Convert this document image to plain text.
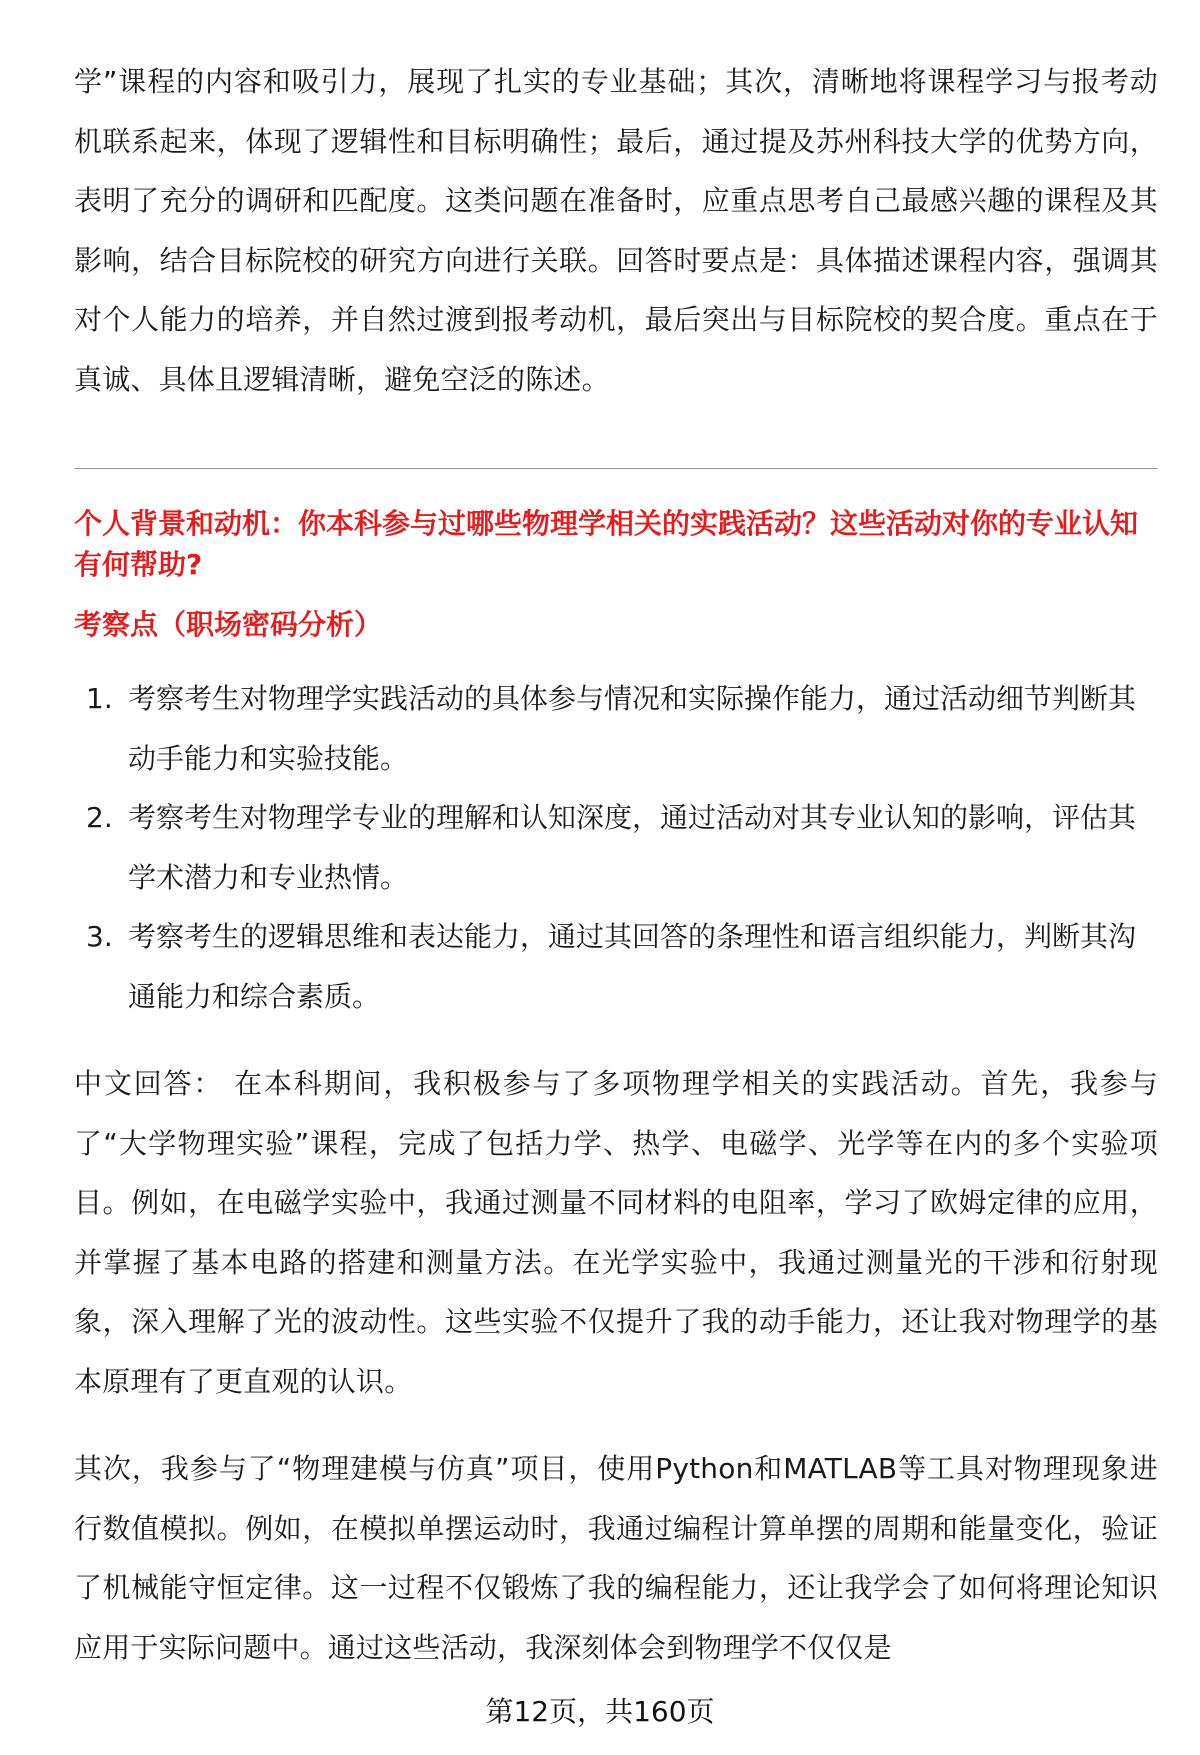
学”课程的内容和吸引力，展现了扎实的专业基础；其次，清晰地将课程学习与报考动机联系起来，体现了逻辑性和目标明确性；最后，通过提及苏州科技大学的优势方向，表明了充分的调研和匹配度。这类问题在准备时，应重点思考自己最感兴趣的课程及其影响，结合目标院校的研究方向进行关联。回答时要点是：具体描述课程内容，强调其对个人能力的培养，并自然过渡到报考动机，最后突出与目标院校的契合度。重点在于真诚、具体且逻辑清晰，避免空泛的陈述。

个人背景和动机：你本科参与过哪些物理学相关的实践活动？这些活动对你的专业认知有何帮助?

考察点（职场密码分析）

1. 考察考生对物理学实践活动的具体参与情况和实际操作能力，通过活动细节判断其动手能力和实验技能。
2. 考察考生对物理学专业的理解和认知深度，通过活动对其专业认知的影响，评估其学术潜力和专业热情。
3. 考察考生的逻辑思维和表达能力，通过其回答的条理性和语言组织能力，判断其沟通能力和综合素质。

中文回答： 在本科期间，我积极参与了多项物理学相关的实践活动。首先，我参与了“大学物理实验”课程，完成了包括力学、热学、电磁学、光学等在内的多个实验项目。例如，在电磁学实验中，我通过测量不同材料的电阻率，学习了欧姆定律的应用，并掌握了基本电路的搭建和测量方法。在光学实验中，我通过测量光的干涉和衍射现象，深入理解了光的波动性。这些实验不仅提升了我的动手能力，还让我对物理学的基本原理有了更直观的认识。

其次，我参与了“物理建模与仿真”项目，使用Python和MATLAB等工具对物理现象进行数值模拟。例如，在模拟单摆运动时，我通过编程计算单摆的周期和能量变化，验证了机械能守恒定律。这一过程不仅锻炼了我的编程能力，还让我学会了如何将理论知识应用于实际问题中。通过这些活动，我深刻体会到物理学不仅仅是

第12页，共160页
